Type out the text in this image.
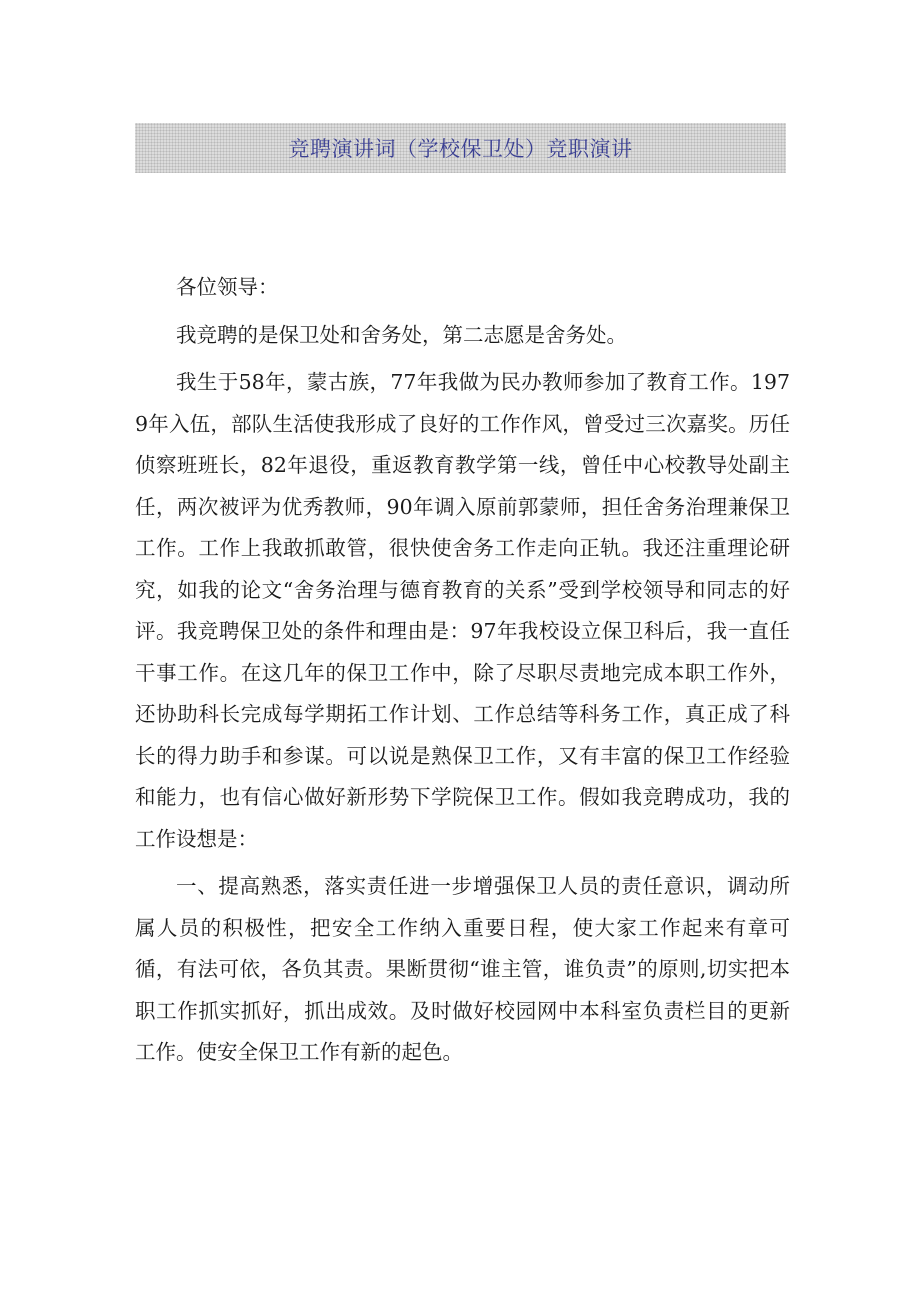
竞聘演讲词（学校保卫处）竞职演讲

各位领导：

我竞聘的是保卫处和舍务处，第二志愿是舍务处。

我生于58年，蒙古族，77年我做为民办教师参加了教育工作。1979年入伍，部队生活使我形成了良好的工作作风，曾受过三次嘉奖。历任侦察班班长，82年退役，重返教育教学第一线，曾任中心校教导处副主任，两次被评为优秀教师，90年调入原前郭蒙师，担任舍务治理兼保卫工作。工作上我敢抓敢管，很快使舍务工作走向正轨。我还注重理论研究，如我的论文“舍务治理与德育教育的关系”受到学校领导和同志的好评。我竞聘保卫处的条件和理由是：97年我校设立保卫科后，我一直任干事工作。在这几年的保卫工作中，除了尽职尽责地完成本职工作外，还协助科长完成每学期拓工作计划、工作总结等科务工作，真正成了科长的得力助手和参谋。可以说是熟保卫工作，又有丰富的保卫工作经验和能力，也有信心做好新形势下学院保卫工作。假如我竞聘成功，我的工作设想是：

一、提高熟悉，落实责任进一步增强保卫人员的责任意识，调动所属人员的积极性，把安全工作纳入重要日程，使大家工作起来有章可循，有法可依，各负其责。果断贯彻“谁主管，谁负责”的原则,切实把本职工作抓实抓好，抓出成效。及时做好校园网中本科室负责栏目的更新工作。使安全保卫工作有新的起色。
